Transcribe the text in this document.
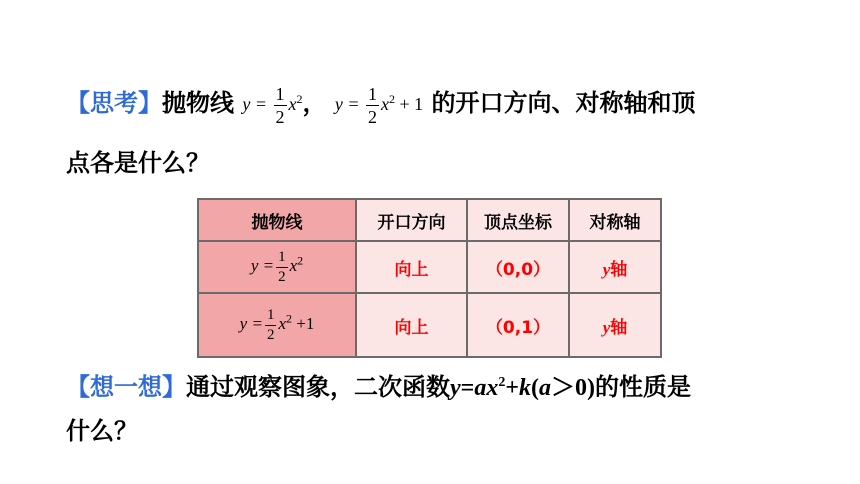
【思考】抛物线 $y = \frac{1}{2} x^2$， $y = \frac{1}{2} x^2 + 1$ 的开口方向、对称轴和顶
点各是什么？
抛物线	开口方向	顶点坐标	对称轴
$y = \frac{1}{2} x^2$	向上	（0,0）	y轴
$y = \frac{1}{2} x^2 +1$	向上	（0,1）	y轴
【想一想】通过观察图象，二次函数$y=ax^2+k(a>0)$的性质是
什么？
